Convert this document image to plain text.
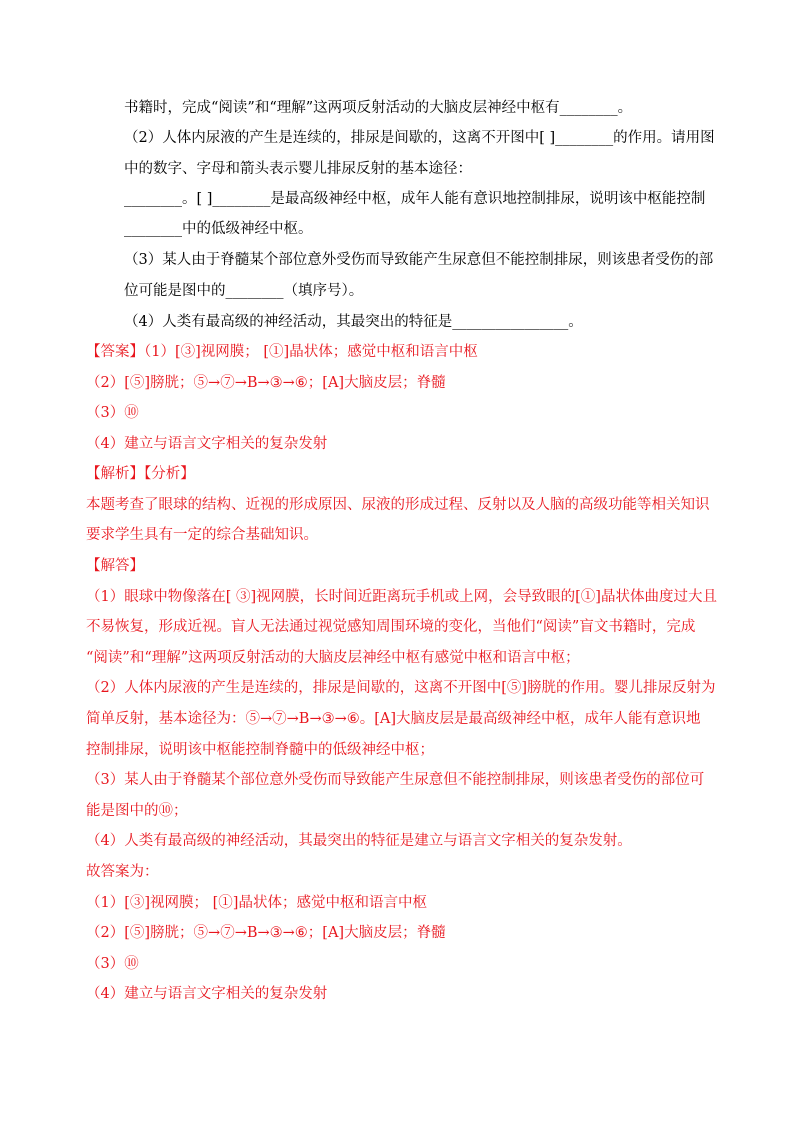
书籍时，完成“阅读”和“理解”这两项反射活动的大脑皮层神经中枢有________。
（2）人体内尿液的产生是连续的，排尿是间歇的，这离不开图中[ ]________的作用。请用图
中的数字、字母和箭头表示婴儿排尿反射的基本途径：
________。[ ]________是最高级神经中枢，成年人能有意识地控制排尿，说明该中枢能控制
________中的低级神经中枢。
（3）某人由于脊髓某个部位意外受伤而导致能产生尿意但不能控制排尿，则该患者受伤的部
位可能是图中的________（填序号）。
（4）人类有最高级的神经活动，其最突出的特征是________________。
【答案】（1）[③]视网膜； [①]晶状体；感觉中枢和语言中枢
（2）[⑤]膀胱；⑤→⑦→B→③→⑥；[A]大脑皮层；脊髓
（3）⑩
（4）建立与语言文字相关的复杂发射
【解析】【分析】
本题考查了眼球的结构、近视的形成原因、尿液的形成过程、反射以及人脑的高级功能等相关知识
要求学生具有一定的综合基础知识。
【解答】
（1）眼球中物像落在[ ③]视网膜，长时间近距离玩手机或上网，会导致眼的[①]晶状体曲度过大且
不易恢复，形成近视。盲人无法通过视觉感知周围环境的变化，当他们“阅读”盲文书籍时，完成
“阅读”和“理解”这两项反射活动的大脑皮层神经中枢有感觉中枢和语言中枢；
（2）人体内尿液的产生是连续的，排尿是间歇的，这离不开图中[⑤]膀胱的作用。婴儿排尿反射为
简单反射，基本途径为：⑤→⑦→B→③→⑥。[A]大脑皮层是最高级神经中枢，成年人能有意识地
控制排尿，说明该中枢能控制脊髓中的低级神经中枢；
（3）某人由于脊髓某个部位意外受伤而导致能产生尿意但不能控制排尿，则该患者受伤的部位可
能是图中的⑩；
（4）人类有最高级的神经活动，其最突出的特征是建立与语言文字相关的复杂发射。
故答案为：
（1）[③]视网膜； [①]晶状体；感觉中枢和语言中枢
（2）[⑤]膀胱；⑤→⑦→B→③→⑥；[A]大脑皮层；脊髓
（3）⑩
（4）建立与语言文字相关的复杂发射
